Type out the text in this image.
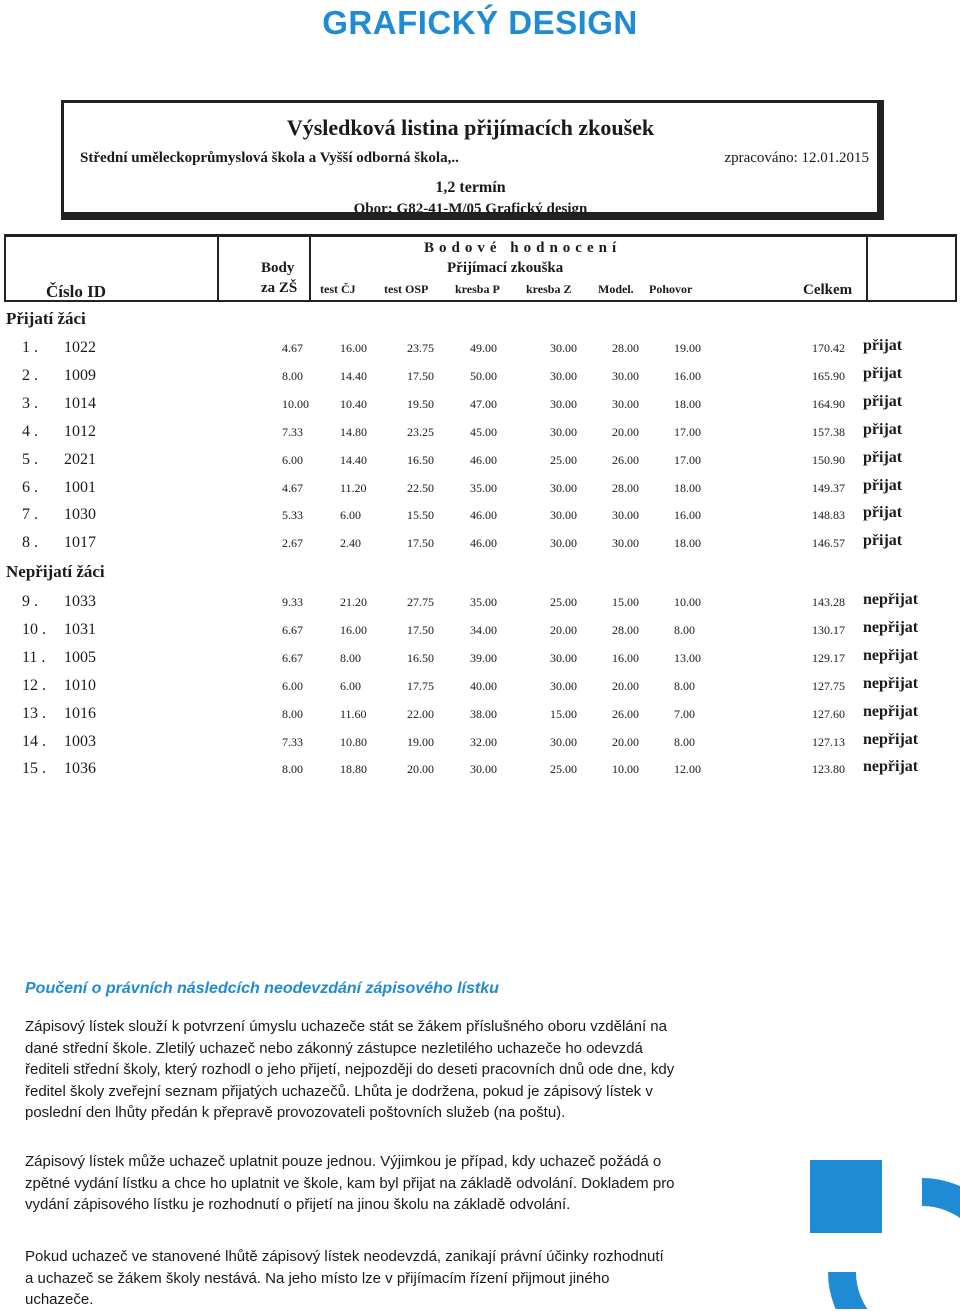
GRAFICKÝ DESIGN
Výsledková listina přijímacích zkoušek
Střední uměleckoprůmyslová škola a Vyšší odborná škola,..	zpracováno: 12.01.2015
1,2 termín
Obor: G82-41-M/05 Grafický design
Číslo ID
Body
za ZŠ
Bodové hodnocení
Přijímací zkouška
test ČJ test OSP kresba P kresba Z Model. Pohovor	Celkem
Přijatí žáci
1 .	1022	4.67	16.00	23.75	49.00	30.00	28.00	19.00	170.42 přijat
2 .	1009	8.00	14.40	17.50	50.00	30.00	30.00	16.00	165.90 přijat
3 .	1014	10.00	10.40	19.50	47.00	30.00	30.00	18.00	164.90 přijat
4 .	1012	7.33	14.80	23.25	45.00	30.00	20.00	17.00	157.38 přijat
5 .	2021	6.00	14.40	16.50	46.00	25.00	26.00	17.00	150.90 přijat
6 .	1001	4.67	11.20	22.50	35.00	30.00	28.00	18.00	149.37 přijat
7 .	1030	5.33	6.00	15.50	46.00	30.00	30.00	16.00	148.83 přijat
8 .	1017	2.67	2.40	17.50	46.00	30.00	30.00	18.00	146.57 přijat
Nepřijatí žáci
9 .	1033	9.33	21.20	27.75	35.00	25.00	15.00	10.00	143.28 nepřijat
10 .	1031	6.67	16.00	17.50	34.00	20.00	28.00	8.00	130.17 nepřijat
11 .	1005	6.67	8.00	16.50	39.00	30.00	16.00	13.00	129.17 nepřijat
12 .	1010	6.00	6.00	17.75	40.00	30.00	20.00	8.00	127.75 nepřijat
13 .	1016	8.00	11.60	22.00	38.00	15.00	26.00	7.00	127.60 nepřijat
14 .	1003	7.33	10.80	19.00	32.00	30.00	20.00	8.00	127.13 nepřijat
15 .	1036	8.00	18.80	20.00	30.00	25.00	10.00	12.00	123.80 nepřijat
Poučení o právních následcích neodevzdání zápisového lístku

Zápisový lístek slouží k potvrzení úmyslu uchazeče stát se žákem příslušného oboru vzdělání na dané střední škole. Zletilý uchazeč nebo zákonný zástupce nezletilého uchazeče ho odevzdá řediteli střední školy, který rozhodl o jeho přijetí, nejpozději do deseti pracovních dnů ode dne, kdy ředitel školy zveřejní seznam přijatých uchazečů. Lhůta je dodržena, pokud je zápisový lístek v poslední den lhůty předán k přepravě provozovateli poštovních služeb (na poštu).

Zápisový lístek může uchazeč uplatnit pouze jednou. Výjimkou je případ, kdy uchazeč požádá o zpětné vydání lístku a chce ho uplatnit ve škole, kam byl přijat na základě odvolání. Dokladem pro vydání zápisového lístku je rozhodnutí o přijetí na jinou školu na základě odvolání.

Pokud uchazeč ve stanovené lhůtě zápisový lístek neodevzdá, zanikají právní účinky rozhodnutí a uchazeč se žákem školy nestává. Na jeho místo lze v přijímacím řízení přijmout jiného uchazeče.
